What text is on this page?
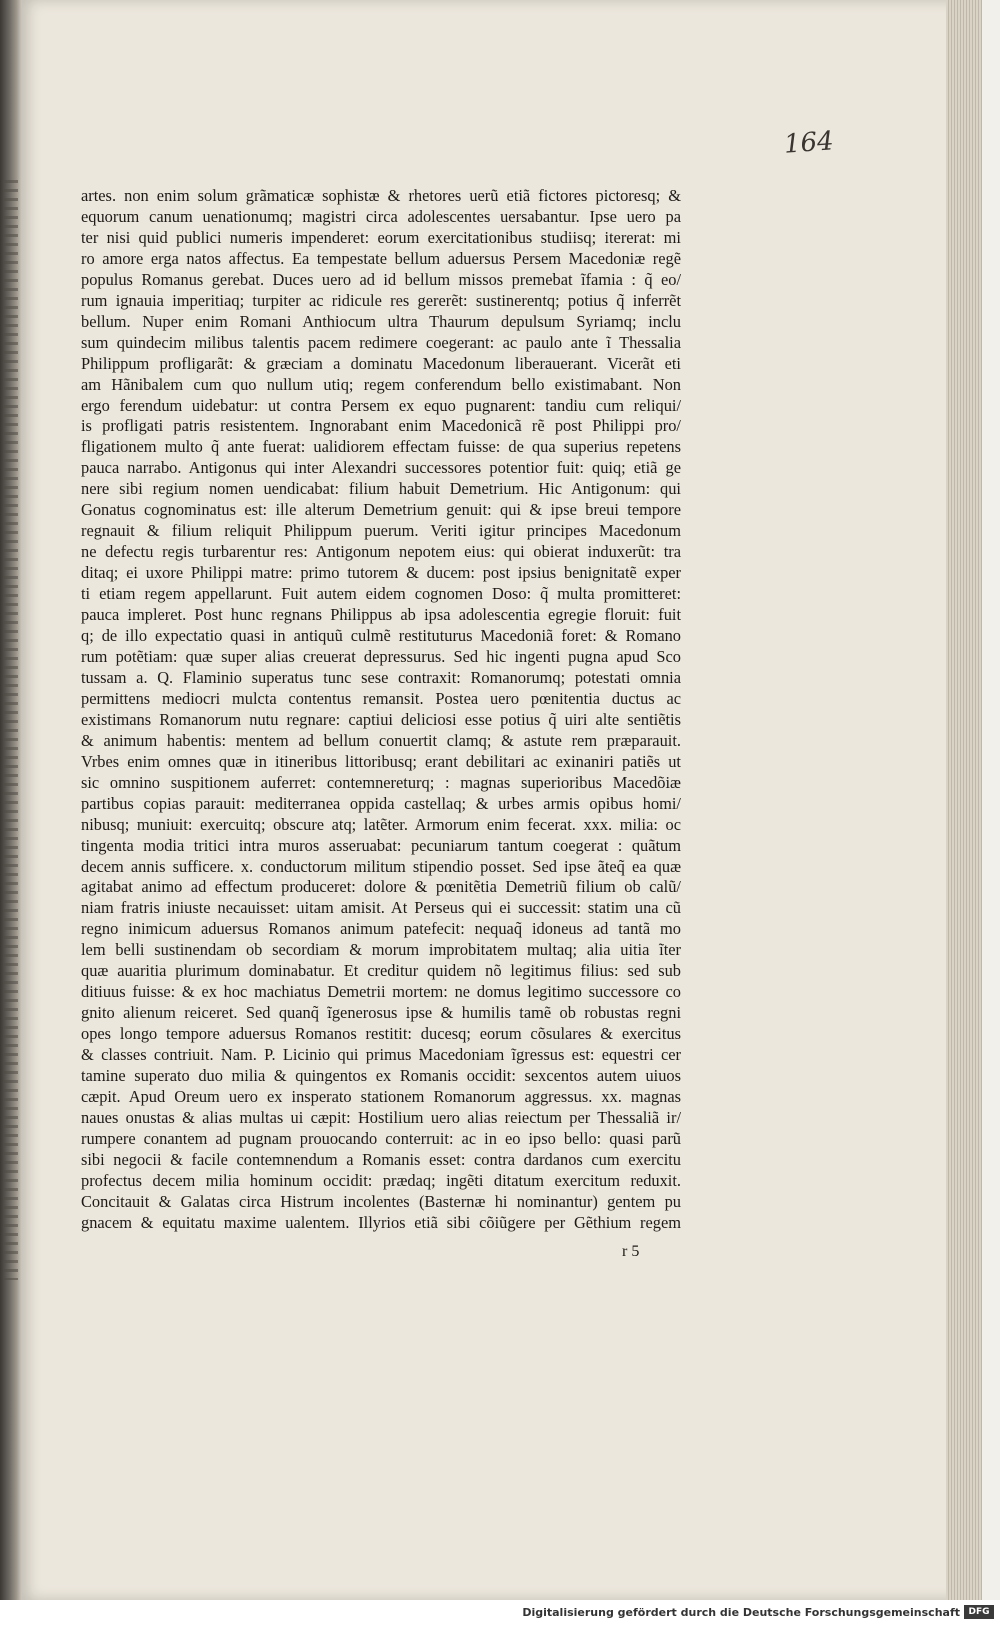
164
artes. non enim solum grãmaticæ sophistæ & rhetores uerũ etiã fictores pictoresq; &
equorum canum uenationumq; magistri circa adolescentes uersabantur. Ipse uero pa
ter nisi quid publici numeris impenderet: eorum exercitationibus studiisq; itererat: mi
ro amore erga natos affectus. Ea tempestate bellum aduersus Persem Macedoniæ regẽ
populus Romanus gerebat. Duces uero ad id bellum missos premebat ĩfamia : q̃ eo/
rum ignauia imperitiaq; turpiter ac ridicule res gererẽt: sustinerentq; potius q̃ inferrẽt
bellum. Nuper enim Romani Anthiocum ultra Thaurum depulsum Syriamq; inclu
sum quindecim milibus talentis pacem redimere coegerant: ac paulo ante ĩ Thessalia
Philippum profligarãt: & græciam a dominatu Macedonum liberauerant. Vicerãt eti
am Hãnibalem cum quo nullum utiq; regem conferendum bello existimabant. Non
ergo ferendum uidebatur: ut contra Persem ex equo pugnarent: tandiu cum reliqui/
is profligati patris resistentem. Ingnorabant enim Macedonicã rẽ post Philippi pro/
fligationem multo q̃ ante fuerat: ualidiorem effectam fuisse: de qua superius repetens
pauca narrabo. Antigonus qui inter Alexandri successores potentior fuit: quiq; etiã ge
nere sibi regium nomen uendicabat: filium habuit Demetrium. Hic Antigonum: qui
Gonatus cognominatus est: ille alterum Demetrium genuit: qui & ipse breui tempore
regnauit & filium reliquit Philippum puerum. Veriti igitur principes Macedonum
ne defectu regis turbarentur res: Antigonum nepotem eius: qui obierat induxerũt: tra
ditaq; ei uxore Philippi matre: primo tutorem & ducem: post ipsius benignitatẽ exper
ti etiam regem appellarunt. Fuit autem eidem cognomen Doso: q̃ multa promitteret:
pauca impleret. Post hunc regnans Philippus ab ipsa adolescentia egregie floruit: fuit
q; de illo expectatio quasi in antiquũ culmẽ restituturus Macedoniã foret: & Romano
rum potẽtiam: quæ super alias creuerat depressurus. Sed hic ingenti pugna apud Sco
tussam a. Q. Flaminio superatus tunc sese contraxit: Romanorumq; potestati omnia
permittens mediocri mulcta contentus remansit. Postea uero pœnitentia ductus ac
existimans Romanorum nutu regnare: captiui deliciosi esse potius q̃ uiri alte sentiẽtis
& animum habentis: mentem ad bellum conuertit clamq; & astute rem præparauit.
Vrbes enim omnes quæ in itineribus littoribusq; erant debilitari ac exinaniri patiẽs ut
sic omnino suspitionem auferret: contemnereturq; : magnas superioribus Macedõiæ
partibus copias parauit: mediterranea oppida castellaq; & urbes armis opibus homi/
nibusq; muniuit: exercuitq; obscure atq; latẽter. Armorum enim fecerat. xxx. milia: oc
tingenta modia tritici intra muros asseruabat: pecuniarum tantum coegerat : quãtum
decem annis sufficere. x. conductorum militum stipendio posset. Sed ipse ãteq̃ ea quæ
agitabat animo ad effectum produceret: dolore & pœnitẽtia Demetriũ filium ob calũ/
niam fratris iniuste necauisset: uitam amisit. At Perseus qui ei successit: statim una cũ
regno inimicum aduersus Romanos animum patefecit: nequaq̃ idoneus ad tantã mo
lem belli sustinendam ob secordiam & morum improbitatem multaq; alia uitia ĩter
quæ auaritia plurimum dominabatur. Et creditur quidem nõ legitimus filius: sed sub
ditiuus fuisse: & ex hoc machiatus Demetrii mortem: ne domus legitimo successore co
gnito alienum reiceret. Sed quanq̃ ĩgenerosus ipse & humilis tamẽ ob robustas regni
opes longo tempore aduersus Romanos restitit: ducesq; eorum cõsulares & exercitus
& classes contriuit. Nam. P. Licinio qui primus Macedoniam ĩgressus est: equestri cer
tamine superato duo milia & quingentos ex Romanis occidit: sexcentos autem uiuos
cæpit. Apud Oreum uero ex insperato stationem Romanorum aggressus. xx. magnas
naues onustas & alias multas ui cæpit: Hostilium uero alias reiectum per Thessaliã ir/
rumpere conantem ad pugnam prouocando conterruit: ac in eo ipso bello: quasi parũ
sibi negocii & facile contemnendum a Romanis esset: contra dardanos cum exercitu
profectus decem milia hominum occidit: prædaq; ingẽti ditatum exercitum reduxit.
Concitauit & Galatas circa Histrum incolentes (Basternæ hi nominantur) gentem pu
gnacem & equitatu maxime ualentem. Illyrios etiã sibi cõiũgere per Gẽthium regem
r 5
Digitalisierung gefördert durch die Deutsche Forschungsgemeinschaft DFG
